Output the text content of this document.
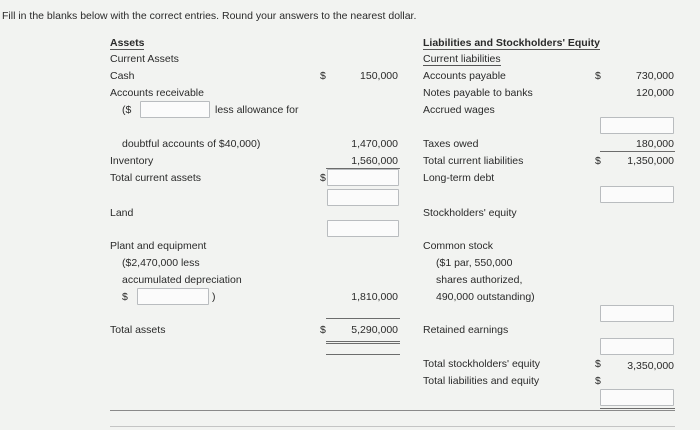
Fill in the blanks below with the correct entries. Round your answers to the nearest dollar.
Assets
Current Assets
Cash	$	150,000
Accounts receivable
($	less allowance for
doubtful accounts of $40,000)	1,470,000
Inventory	1,560,000
Total current assets	$
Land
Plant and equipment
($2,470,000 less
accumulated depreciation
$	)	1,810,000
Total assets	$	5,290,000
Liabilities and Stockholders' Equity
Current liabilities
Accounts payable	$	730,000
Notes payable to banks	120,000
Accrued wages
Taxes owed	180,000
Total current liabilities	$	1,350,000
Long-term debt
Stockholders' equity
Common stock
($1 par, 550,000
shares authorized,
490,000 outstanding)
Retained earnings
Total stockholders' equity	$	3,350,000
Total liabilities and equity	$
